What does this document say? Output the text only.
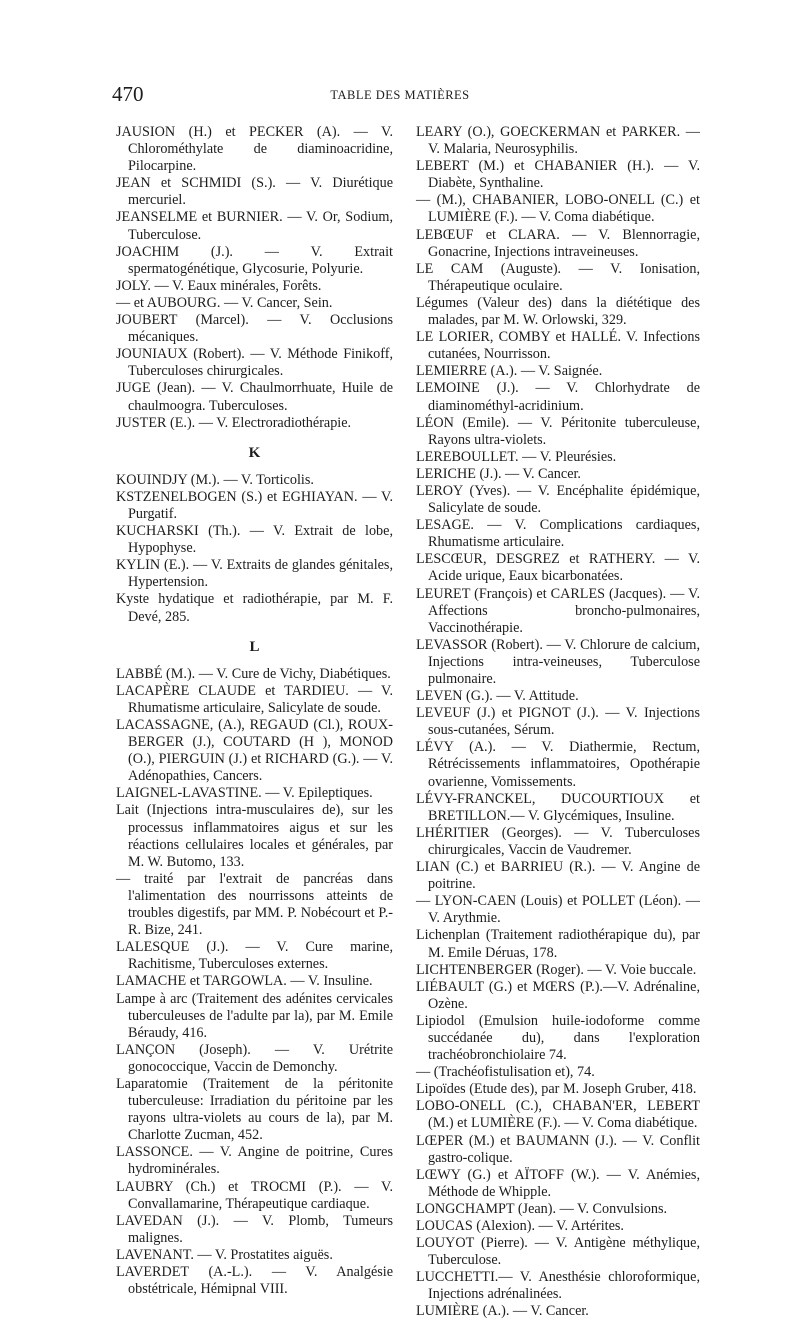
470	TABLE DES MATIÈRES
JAUSION (H.) et PECKER (A). — V. Chlorométhylate de diaminoacridine, Pilocarpine.
JEAN et SCHMIDI (S.). — V. Diurétique mercuriel.
JEANSELME et BURNIER. — V. Or, Sodium, Tuberculose.
JOACHIM (J.). — V. Extrait spermatogénétique, Glycosurie, Polyurie.
JOLY. — V. Eaux minérales, Forêts.
— et AUBOURG. — V. Cancer, Sein.
JOUBERT (Marcel). — V. Occlusions mécaniques.
JOUNIAUX (Robert). — V. Méthode Finikoff, Tuberculoses chirurgicales.
JUGE (Jean). — V. Chaulmorrhuate, Huile de chaulmoogra. Tuberculoses.
JUSTER (E.). — V. Electroradiothérapie.
K
KOUINDJY (M.). — V. Torticolis.
KSTZENELBOGEN (S.) et EGHIAYAN. — V. Purgatif.
KUCHARSKI (Th.). — V. Extrait de lobe, Hypophyse.
KYLIN (E.). — V. Extraits de glandes génitales, Hypertension.
Kyste hydatique et radiothérapie, par M. F. Devé, 285.
L
LABBÉ (M.). — V. Cure de Vichy, Diabétiques.
LACAPÈRE CLAUDE et TARDIEU. — V. Rhumatisme articulaire, Salicylate de soude.
LACASSAGNE, (A.), REGAUD (Cl.), ROUX-BERGER (J.), COUTARD (H ), MONOD (O.), PIERGUIN (J.) et RICHARD (G.). — V. Adénopathies, Cancers.
LAIGNEL-LAVASTINE. — V. Epileptiques.
Lait (Injections intra-musculaires de), sur les processus inflammatoires aigus et sur les réactions cellulaires locales et générales, par M. W. Butomo, 133.
— traité par l'extrait de pancréas dans l'alimentation des nourrissons atteints de troubles digestifs, par MM. P. Nobécourt et P.-R. Bize, 241.
LALESQUE (J.). — V. Cure marine, Rachitisme, Tuberculoses externes.
LAMACHE et TARGOWLA. — V. Insuline.
Lampe à arc (Traitement des adénites cervicales tuberculeuses de l'adulte par la), par M. Emile Béraudy, 416.
LANÇON (Joseph). — V. Urétrite gonococcique, Vaccin de Demonchy.
Laparatomie (Traitement de la péritonite tuberculeuse: Irradiation du péritoine par les rayons ultra-violets au cours de la), par M. Charlotte Zucman, 452.
LASSONCE. — V. Angine de poitrine, Cures hydrominérales.
LAUBRY (Ch.) et TROCMI (P.). — V. Convallamarine, Thérapeutique cardiaque.
LAVEDAN (J.). — V. Plomb, Tumeurs malignes.
LAVENANT. — V. Prostatites aiguës.
LAVERDET (A.-L.). — V. Analgésie obstétricale, Hémipnal VIII.
LEARY (O.), GOECKERMAN et PARKER. — V. Malaria, Neurosyphilis.
LEBERT (M.) et CHABANIER (H.). — V. Diabète, Synthaline.
— (M.), CHABANIER, LOBO-ONELL (C.) et LUMIÈRE (F.). — V. Coma diabétique.
LEBŒUF et CLARA. — V. Blennorragie, Gonacrine, Injections intraveineuses.
LE CAM (Auguste). — V. Ionisation, Thérapeutique oculaire.
Légumes (Valeur des) dans la diététique des malades, par M. W. Orlowski, 329.
LE LORIER, COMBY et HALLÉ. V. Infections cutanées, Nourrisson.
LEMIERRE (A.). — V. Saignée.
LEMOINE (J.). — V. Chlorhydrate de diaminométhyl-acridinium.
LÉON (Emile). — V. Péritonite tuberculeuse, Rayons ultra-violets.
LEREBOULLET. — V. Pleurésies.
LERICHE (J.). — V. Cancer.
LEROY (Yves). — V. Encéphalite épidémique, Salicylate de soude.
LESAGE. — V. Complications cardiaques, Rhumatisme articulaire.
LESCŒUR, DESGREZ et RATHERY. — V. Acide urique, Eaux bicarbonatées.
LEURET (François) et CARLES (Jacques). — V. Affections broncho-pulmonaires, Vaccinothérapie.
LEVASSOR (Robert). — V. Chlorure de calcium, Injections intra-veineuses, Tuberculose pulmonaire.
LEVEN (G.). — V. Attitude.
LEVEUF (J.) et PIGNOT (J.). — V. Injections sous-cutanées, Sérum.
LÉVY (A.). — V. Diathermie, Rectum, Rétrécissements inflammatoires, Opothérapie ovarienne, Vomissements.
LÉVY-FRANCKEL, DUCOURTIOUX et BRETILLON.— V. Glycémiques, Insuline.
LHÉRITIER (Georges). — V. Tuberculoses chirurgicales, Vaccin de Vaudremer.
LIAN (C.) et BARRIEU (R.). — V. Angine de poitrine.
— LYON-CAEN (Louis) et POLLET (Léon). — V. Arythmie.
Lichenplan (Traitement radiothérapique du), par M. Emile Déruas, 178.
LICHTENBERGER (Roger). — V. Voie buccale.
LIÉBAULT (G.) et MŒRS (P.).—V. Adrénaline, Ozène.
Lipiodol (Emulsion huile-iodoforme comme succédanée du), dans l'exploration trachéobronchiolaire 74.
— (Trachéofistulisation et), 74.
Lipoïdes (Etude des), par M. Joseph Gruber, 418.
LOBO-ONELL (C.), CHABAN'ER, LEBERT (M.) et LUMIÈRE (F.). — V. Coma diabétique.
LŒPER (M.) et BAUMANN (J.). — V. Conflit gastro-colique.
LŒWY (G.) et AÏTOFF (W.). — V. Anémies, Méthode de Whipple.
LONGCHAMPT (Jean). — V. Convulsions.
LOUCAS (Alexion). — V. Artérites.
LOUYOT (Pierre). — V. Antigène méthylique, Tuberculose.
LUCCHETTI.— V. Anesthésie chloroformique, Injections adrénalinées.
LUMIÈRE (A.). — V. Cancer.
